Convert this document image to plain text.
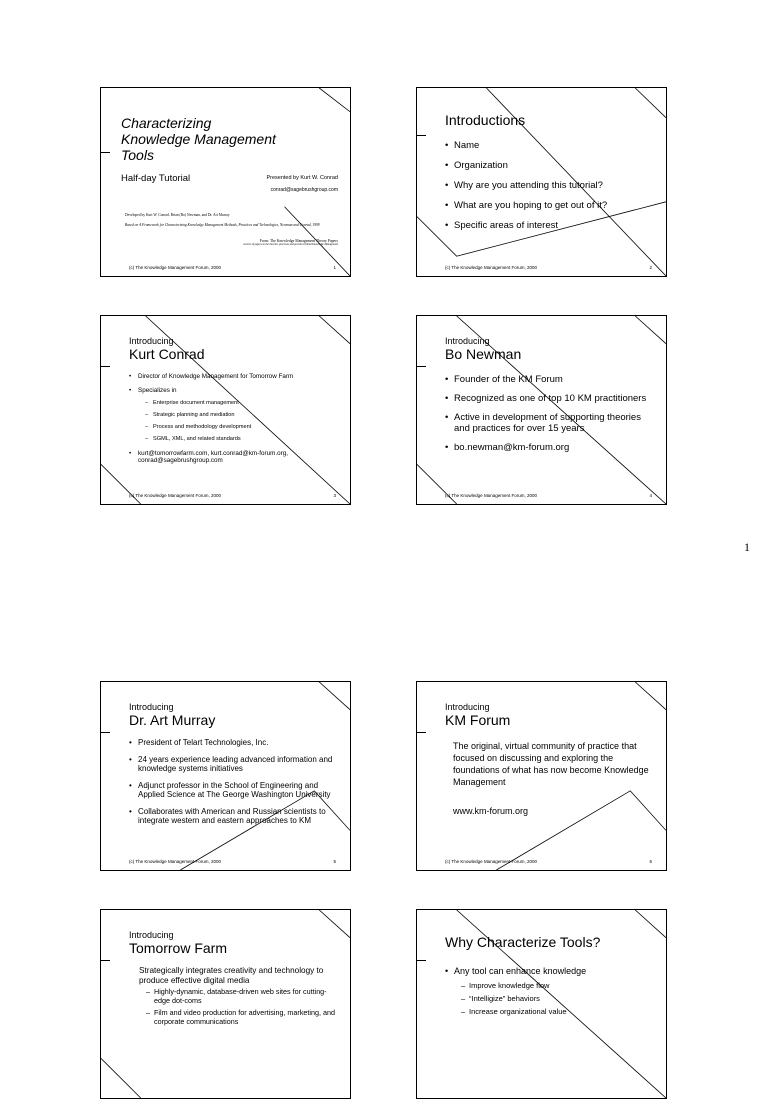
Characterizing
Knowledge Management
Tools
Half-day Tutorial	Presented by Kurt W. Conrad
conrad@sagebrushgroup.com
Developed by Kurt W. Conrad, Brian (Bo) Newman, and Dr. Art Murray
Based on A Framework for Characterizing Knowledge Management Methods, Practices and Technologies, Newman and Conrad, 1999
From: The Knowledge Management Theory Papers
A series of papers on the theories, processes and practices behind Knowledge Management
(c) The Knowledge Management Forum, 2000	1
Introductions
• Name
• Organization
• Why are you attending this tutorial?
• What are you hoping to get out of it?
• Specific areas of interest
(c) The Knowledge Management Forum, 2000	2
Introducing
Kurt Conrad
• Director of Knowledge Management for Tomorrow Farm
• Specializes in
– Enterprise document management
– Strategic planning and mediation
– Process and methodology development
– SGML, XML, and related standards
• kurt@tomorrowfarm.com, kurt.conrad@km-forum.org, conrad@sagebrushgroup.com
(c) The Knowledge Management Forum, 2000	3
Introducing
Bo Newman
• Founder of the KM Forum
• Recognized as one of top 10 KM practitioners
• Active in development of supporting theories and practices for over 15 years
• bo.newman@km-forum.org
(c) The Knowledge Management Forum, 2000	4
1
Introducing
Dr. Art Murray
• President of Telart Technologies, Inc.
• 24 years experience leading advanced information and knowledge systems initiatives
• Adjunct professor in the School of Engineering and Applied Science at The George Washington University
• Collaborates with American and Russian scientists to integrate western and eastern approaches to KM
(c) The Knowledge Management Forum, 2000	5
Introducing
KM Forum
The original, virtual community of practice that focused on discussing and exploring the foundations of what has now become Knowledge Management
www.km-forum.org
(c) The Knowledge Management Forum, 2000	6
Introducing
Tomorrow Farm
Strategically integrates creativity and technology to produce effective digital media
– Highly-dynamic, database-driven web sites for cutting-edge dot-coms
– Film and video production for advertising, marketing, and corporate communications
Why Characterize Tools?
• Any tool can enhance knowledge
– Improve knowledge flow
– “Intelligize” behaviors
– Increase organizational value
